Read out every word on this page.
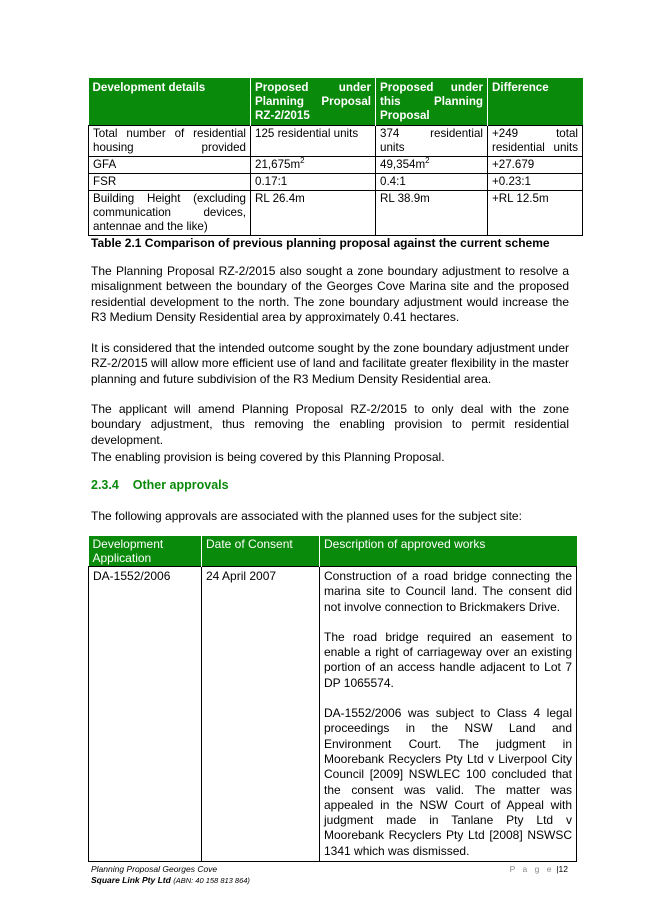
Development details	Proposed under Planning Proposal RZ-2/2015	Proposed under this Planning Proposal	Difference
Total number of residential housing provided	125 residential units	374 residential units	+249 total residential units
GFA	$21,675m^2$	$49,354m^2$	+27.679
FSR	0.17:1	0.4:1	+0.23:1
Building Height (excluding communication devices, antennae and the like)	RL 26.4m	RL 38.9m	+RL 12.5m
Table 2.1 Comparison of previous planning proposal against the current scheme

The Planning Proposal RZ-2/2015 also sought a zone boundary adjustment to resolve a misalignment between the boundary of the Georges Cove Marina site and the proposed residential development to the north. The zone boundary adjustment would increase the R3 Medium Density Residential area by approximately 0.41 hectares.

It is considered that the intended outcome sought by the zone boundary adjustment under RZ-2/2015 will allow more efficient use of land and facilitate greater flexibility in the master planning and future subdivision of the R3 Medium Density Residential area.

The applicant will amend Planning Proposal RZ-2/2015 to only deal with the zone boundary adjustment, thus removing the enabling provision to permit residential development.

The enabling provision is being covered by this Planning Proposal.

2.3.4 Other approvals

The following approvals are associated with the planned uses for the subject site:

Development Application	Date of Consent	Description of approved works
DA-1552/2006	24 April 2007	Construction of a road bridge connecting the marina site to Council land. The consent did not involve connection to Brickmakers Drive.

The road bridge required an easement to enable a right of carriageway over an existing portion of an access handle adjacent to Lot 7 DP 1065574.

DA-1552/2006 was subject to Class 4 legal proceedings in the NSW Land and Environment Court. The judgment in Moorebank Recyclers Pty Ltd v Liverpool City Council [2009] NSWLEC 100 concluded that the consent was valid. The matter was appealed in the NSW Court of Appeal with judgment made in Tanlane Pty Ltd v Moorebank Recyclers Pty Ltd [2008] NSWSC 1341 which was dismissed.

Planning Proposal Georges Cove
Square Link Pty Ltd (ABN: 40 158 813 864)
P a g e |12
